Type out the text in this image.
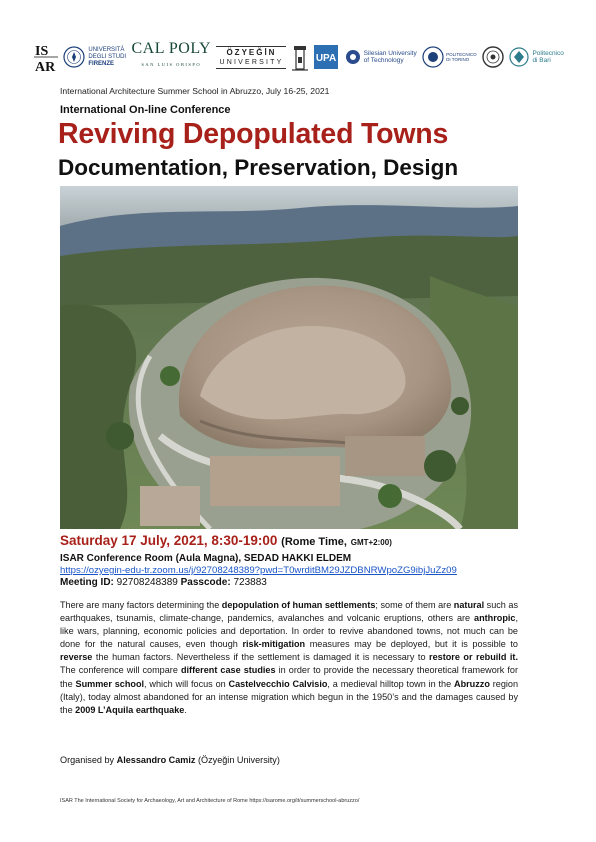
IS
AR
UNIVERSITÀ
DEGLI STUDI
FIRENZE
CAL POLY
SAN LUIS OBISPO
ÖZYEĞİN
UNIVERSITY	UPA	Silesian University
of Technology
POLITECNICO
DI TORINO
Politecnico
di Bari
International Architecture Summer School in Abruzzo, July 16-25, 2021
International On-line Conference
Reviving Depopulated Towns
Documentation, Preservation, Design
Saturday 17 July, 2021, 8:30-19:00 (Rome Time, GMT+2:00)
ISAR Conference Room (Aula Magna), SEDAD HAKKI ELDEM
https://ozyegin-edu-tr.zoom.us/j/92708248389?pwd=T0wrditBM29JZDBNRWpoZG9ibjJuZz09
Meeting ID: 92708248389 Passcode: 723883
There are many factors determining the depopulation of human settlements; some of them are natural such as earthquakes, tsunamis, climate-change, pandemics, avalanches and volcanic eruptions, others are anthropic, like wars, planning, economic policies and deportation. In order to revive abandoned towns, not much can be done for the natural causes, even though risk-mitigation measures may be deployed, but it is possible to reverse the human factors. Nevertheless if the settlement is damaged it is necessary to restore or rebuild it. The conference will compare different case studies in order to provide the necessary theoretical framework for the Summer school, which will focus on Castelvecchio Calvisio, a medieval hilltop town in the Abruzzo region (Italy), today almost abandoned for an intense migration which begun in the 1950’s and the damages caused by the 2009 L’Aquila earthquake.
Organised by Alessandro Camiz (Özyeğin University)
ISAR The International Society for Archaeology, Art and Architecture of Rome https://isarome.org/it/summerschool-abruzzo/
